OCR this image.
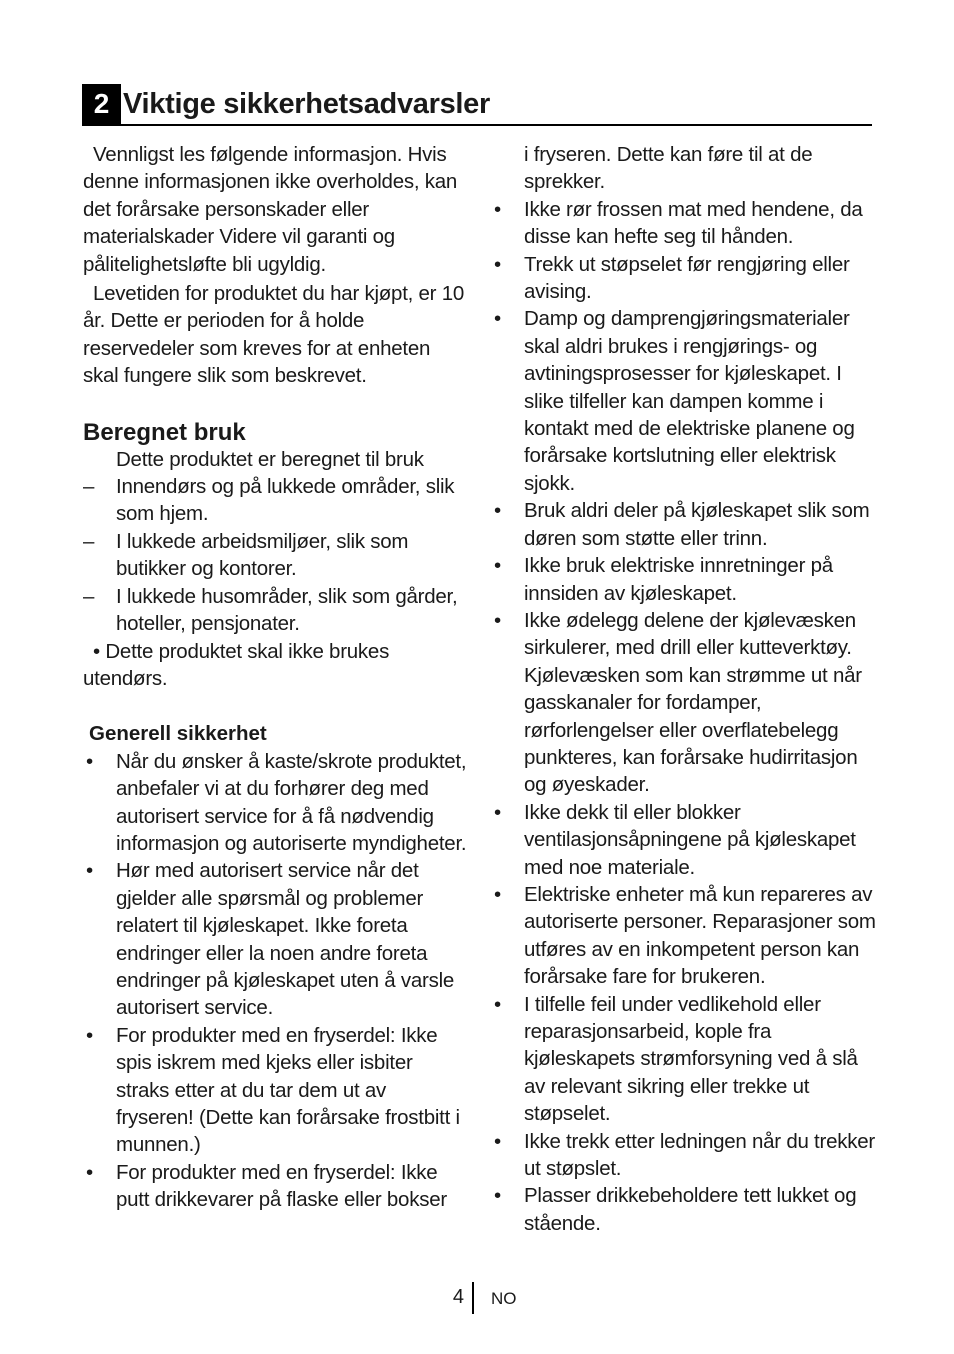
2 Viktige sikkerhetsadvarsler

Vennligst les følgende informasjon. Hvis denne informasjonen ikke overholdes, kan det forårsake personskader eller materialskader Videre vil garanti og pålitelighetsløfte bli ugyldig.

Levetiden for produktet du har kjøpt, er 10 år. Dette er perioden for å holde reservedeler som kreves for at enheten skal fungere slik som beskrevet.

Beregnet bruk

Dette produktet er beregnet til bruk

– Innendørs og på lukkede områder, slik som hjem.
– I lukkede arbeidsmiljøer, slik som butikker og kontorer.
– I lukkede husområder, slik som gårder, hoteller, pensjonater.

• Dette produktet skal ikke brukes utendørs.

Generell sikkerhet
•	Når du ønsker å kaste/skrote produktet, anbefaler vi at du forhører deg med autorisert service for å få nødvendig informasjon og autoriserte myndigheter.
•	Hør med autorisert service når det gjelder alle spørsmål og problemer relatert til kjøleskapet. Ikke foreta endringer eller la noen andre foreta endringer på kjøleskapet uten å varsle autorisert service.
•	For produkter med en fryserdel: Ikke spis iskrem med kjeks eller isbiter straks etter at du tar dem ut av fryseren! (Dette kan forårsake frostbitt i munnen.)
•	For produkter med en fryserdel: Ikke putt drikkevarer på flaske eller bokser

i fryseren. Dette kan føre til at de sprekker.

•	Ikke rør frossen mat med hendene, da disse kan hefte seg til hånden.
•	Trekk ut støpselet før rengjøring eller avising.
•	Damp og damprengjøringsmaterialer skal aldri brukes i rengjørings- og avtiningsprosesser for kjøleskapet. I slike tilfeller kan dampen komme i kontakt med de elektriske planene og forårsake kortslutning eller elektrisk sjokk.
•	Bruk aldri deler på kjøleskapet slik som døren som støtte eller trinn.
•	Ikke bruk elektriske innretninger på innsiden av kjøleskapet.
•	Ikke ødelegg delene der kjølevæsken sirkulerer, med drill eller kutteverktøy. Kjølevæsken som kan strømme ut når gasskanaler for fordamper, rørforlengelser eller overflatebelegg punkteres, kan forårsake hudirritasjon og øyeskader.
•	Ikke dekk til eller blokker ventilasjonsåpningene på kjøleskapet med noe materiale.
•	Elektriske enheter må kun repareres av autoriserte personer. Reparasjoner som utføres av en inkompetent person kan forårsake fare for brukeren.
•	I tilfelle feil under vedlikehold eller reparasjonsarbeid, kople fra kjøleskapets strømforsyning ved å slå av relevant sikring eller trekke ut støpselet.
•	Ikke trekk etter ledningen når du trekker ut støpslet.
•	Plasser drikkebeholdere tett lukket og stående.
4 NO
